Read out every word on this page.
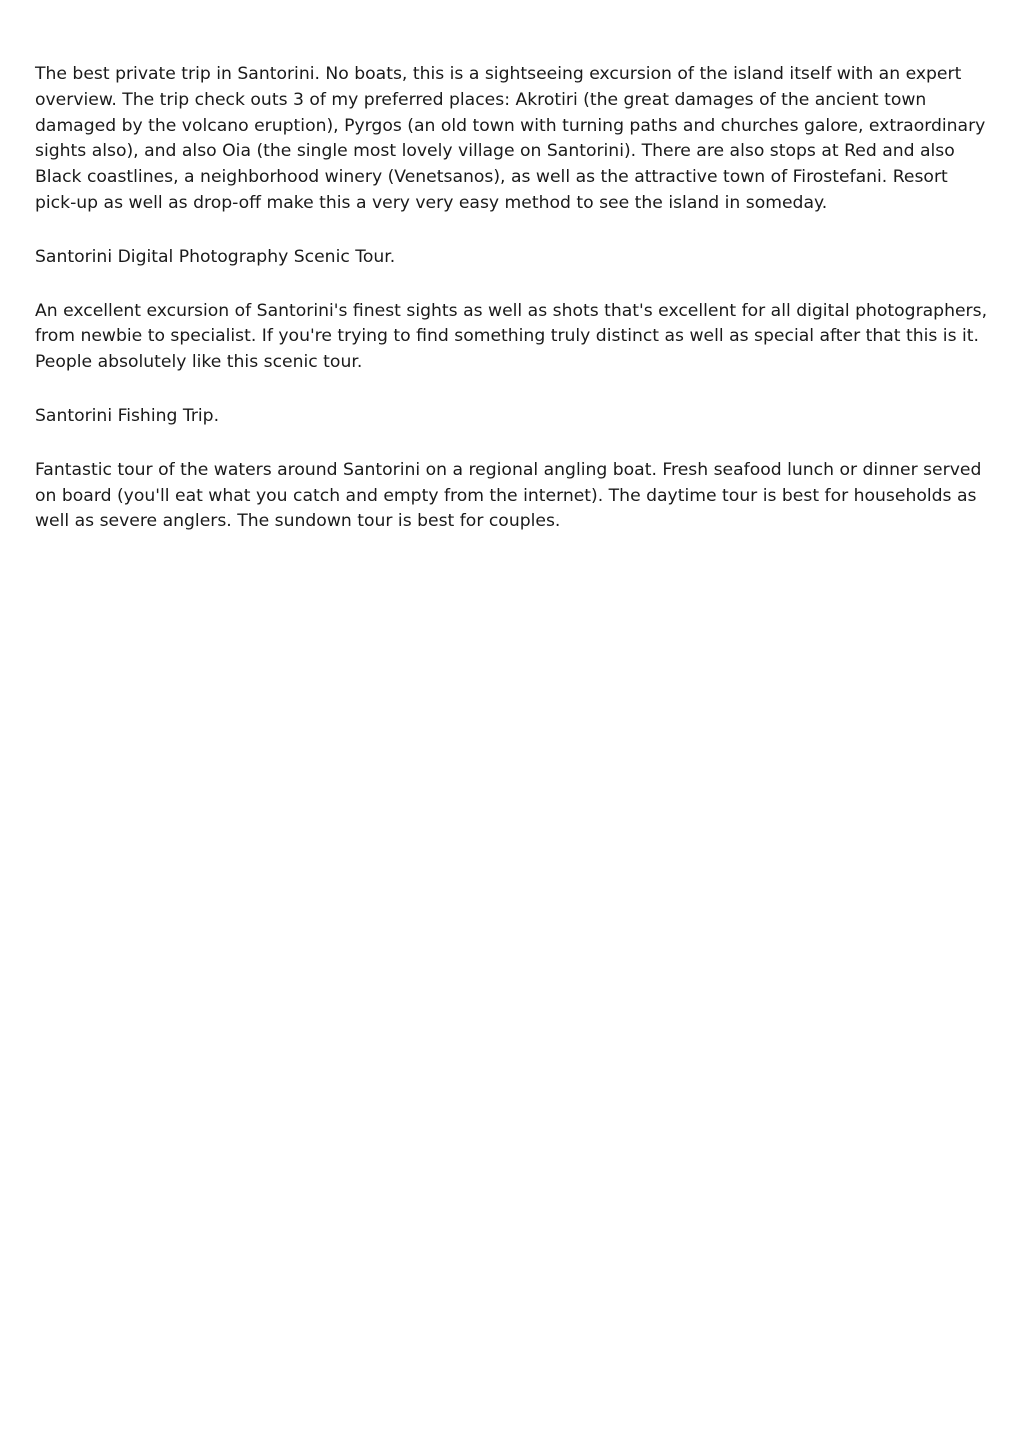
The best private trip in Santorini. No boats, this is a sightseeing excursion of the island itself with an expert overview. The trip check outs 3 of my preferred places: Akrotiri (the great damages of the ancient town damaged by the volcano eruption), Pyrgos (an old town with turning paths and churches galore, extraordinary sights also), and also Oia (the single most lovely village on Santorini). There are also stops at Red and also Black coastlines, a neighborhood winery (Venetsanos), as well as the attractive town of Firostefani. Resort pick-up as well as drop-off make this a very very easy method to see the island in someday.

Santorini Digital Photography Scenic Tour.

An excellent excursion of Santorini's finest sights as well as shots that's excellent for all digital photographers, from newbie to specialist. If you're trying to find something truly distinct as well as special after that this is it. People absolutely like this scenic tour.

Santorini Fishing Trip.

Fantastic tour of the waters around Santorini on a regional angling boat. Fresh seafood lunch or dinner served on board (you'll eat what you catch and empty from the internet). The daytime tour is best for households as well as severe anglers. The sundown tour is best for couples.
